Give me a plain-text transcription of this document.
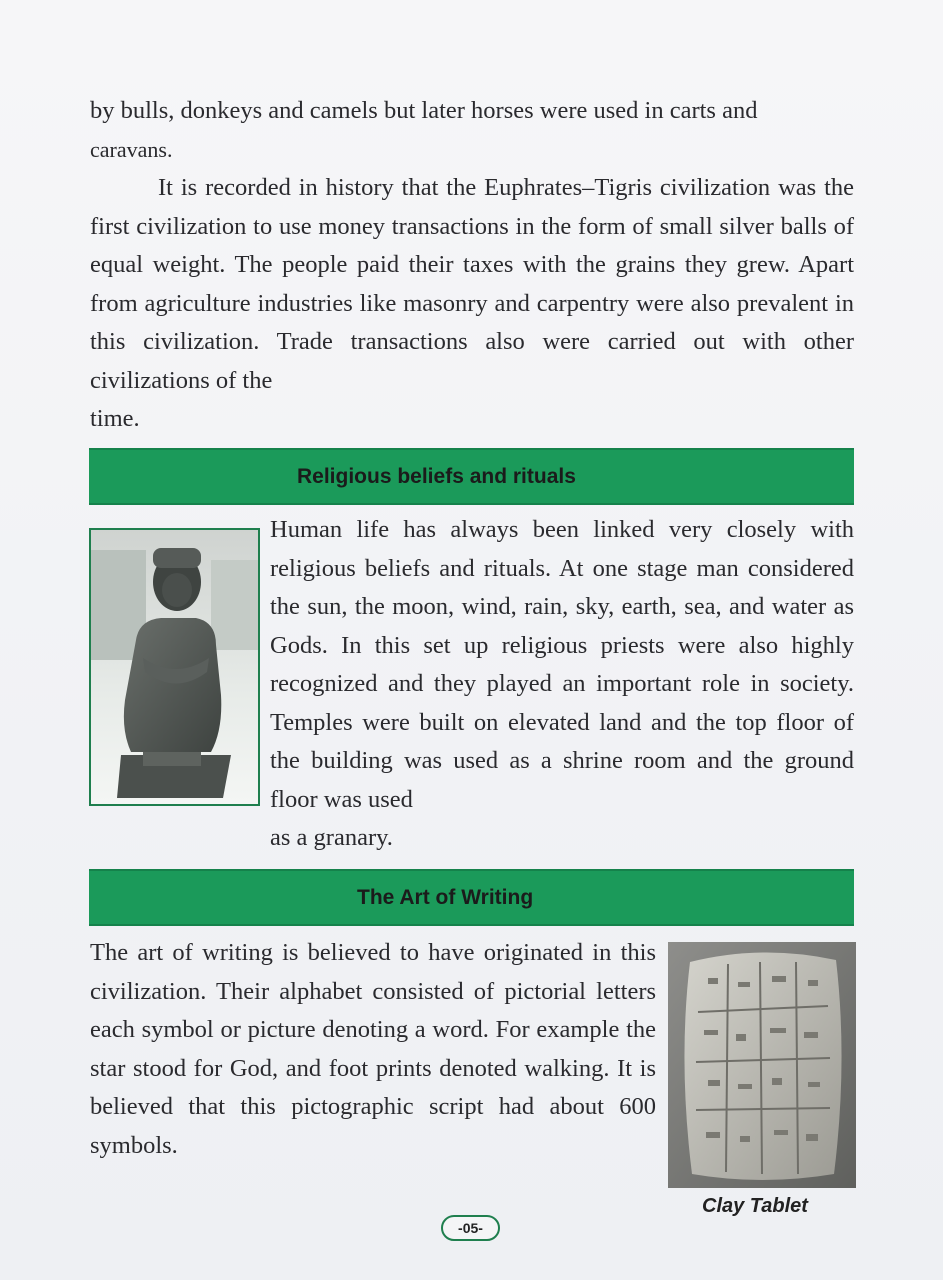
by bulls, donkeys and camels but later horses were used in carts and
caravans.
It is recorded in history that the Euphrates–Tigris civilization was the first civilization to use money transactions in the form of small silver balls of equal weight. The people paid their taxes with the grains they grew. Apart from agriculture industries like masonry and carpentry were also prevalent in this civilization. Trade transactions also were carried out with other civilizations of the
time.

Religious beliefs and rituals

Human life has always been linked very closely with religious beliefs and rituals. At one stage man considered the sun, the moon, wind, rain, sky, earth, sea, and water as Gods. In this set up religious priests were also highly recognized and they played an important role in society. Temples were built on elevated land and the top floor of the building was used as a shrine room and the ground floor was used
as a granary.

The Art of Writing

The art of writing is believed to have originated in this civilization. Their alphabet consisted of pictorial letters each symbol or picture denoting a word. For example the star stood for God, and foot prints denoted walking. It is believed that this pictographic script had about 600 symbols.

Clay Tablet
-05-
